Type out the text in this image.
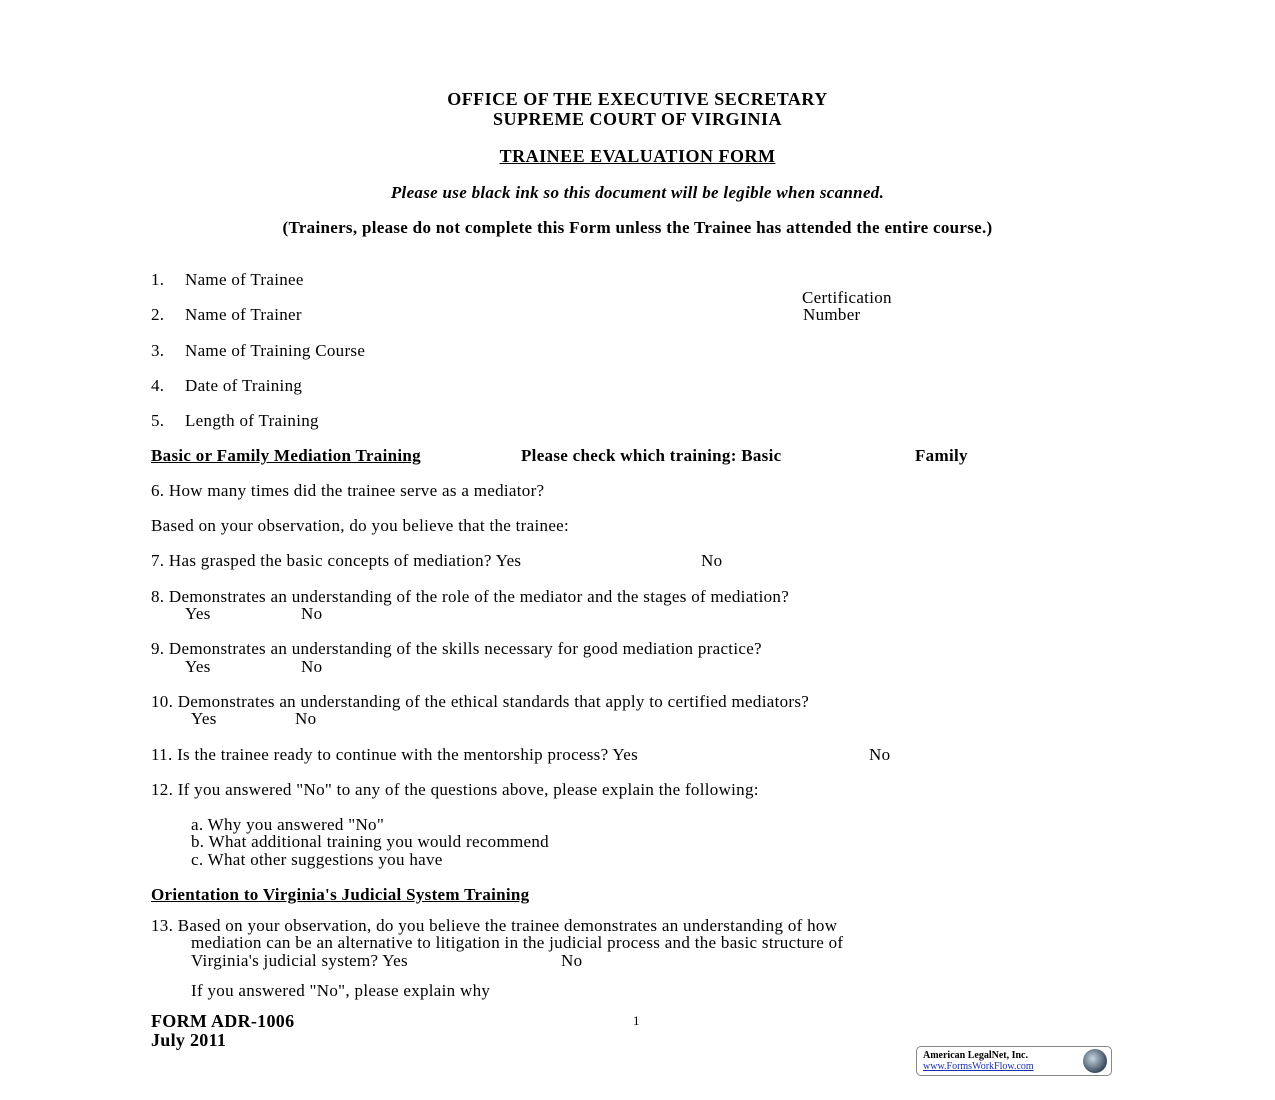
OFFICE OF THE EXECUTIVE SECRETARY
SUPREME COURT OF VIRGINIA
TRAINEE EVALUATION FORM
Please use black ink so this document will be legible when scanned.
(Trainers, please do not complete this Form unless the Trainee has attended the entire course.)
1. Name of Trainee
2. Name of Trainer
Certification
Number
3. Name of Training Course
4. Date of Training
5. Length of Training
Basic or Family Mediation Training	Please check which training: Basic	Family
6. How many times did the trainee serve as a mediator?
Based on your observation, do you believe that the trainee:
7. Has grasped the basic concepts of mediation? Yes	No
8. Demonstrates an understanding of the role of the mediator and the stages of mediation?
Yes	No
9. Demonstrates an understanding of the skills necessary for good mediation practice?
Yes	No
10. Demonstrates an understanding of the ethical standards that apply to certified mediators?
Yes	No
11. Is the trainee ready to continue with the mentorship process? Yes	No
12. If you answered "No" to any of the questions above, please explain the following:
a. Why you answered "No"
b. What additional training you would recommend
c. What other suggestions you have
Orientation to Virginia's Judicial System Training
13. Based on your observation, do you believe the trainee demonstrates an understanding of how
mediation can be an alternative to litigation in the judicial process and the basic structure of
Virginia's judicial system? Yes	No
If you answered "No", please explain why
FORM ADR-1006
July 2011
1
American LegalNet, Inc.
www.FormsWorkFlow.com
